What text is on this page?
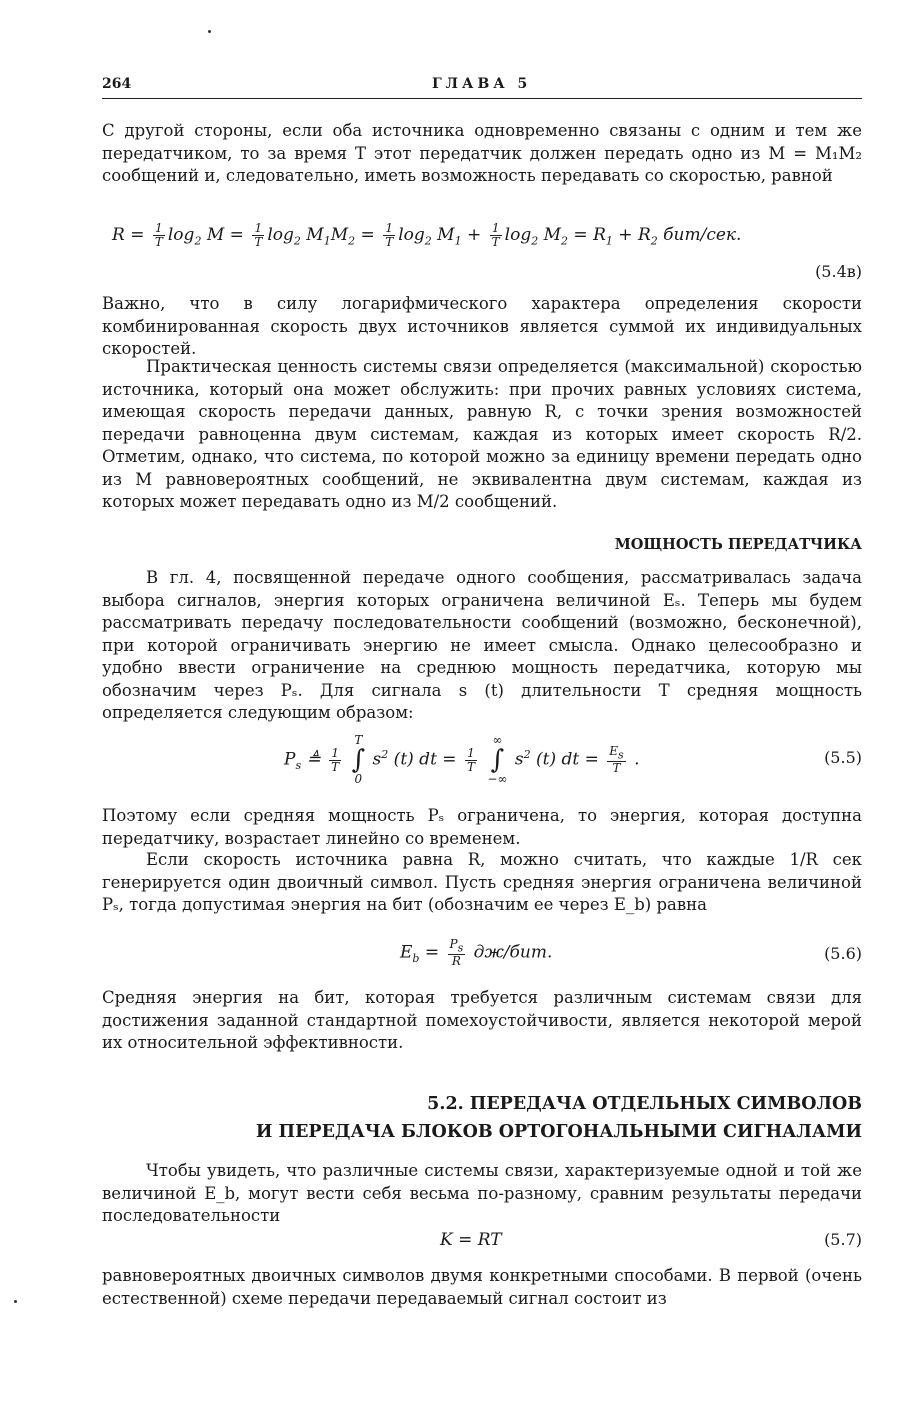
264	ГЛАВА 5
С другой стороны, если оба источника одновременно связаны с одним и тем же передатчиком, то за время T этот передатчик должен передать одно из M = M₁M₂ сообщений и, следовательно, иметь возможность передавать со скоростью, равной
$R = \frac{1}{T} \log_2 M = \frac{1}{T} \log_2 M_1M_2 = \frac{1}{T} \log_2 M_1 + \frac{1}{T} \log_2 M_2 = R_1 + R_2$ бит/сек.
(5.4в)
Важно, что в силу логарифмического характера определения скорости комбинированная скорость двух источников является суммой их индивидуальных скоростей.
Практическая ценность системы связи определяется (максимальной) скоростью источника, который она может обслужить: при прочих равных условиях система, имеющая скорость передачи данных, равную R, с точки зрения возможностей передачи равноценна двум системам, каждая из которых имеет скорость R/2. Отметим, однако, что система, по которой можно за единицу времени передать одно из M равновероятных сообщений, не эквивалентна двум системам, каждая из которых может передавать одно из M/2 сообщений.
МОЩНОСТЬ ПЕРЕДАТЧИКА
В гл. 4, посвященной передаче одного сообщения, рассматривалась задача выбора сигналов, энергия которых ограничена величиной Eₛ. Теперь мы будем рассматривать передачу последовательности сообщений (возможно, бесконечной), при которой ограничивать энергию не имеет смысла. Однако целесообразно и удобно ввести ограничение на среднюю мощность передатчика, которую мы обозначим через Pₛ. Для сигнала s (t) длительности T средняя мощность определяется следующим образом:
$P_s$ ≜ $\frac{1}{T}$
T
∫
0 $s^2$ (t) dt = $\frac{1}{T}$
∞
∫
−∞ $s^2$ (t) dt = $\frac{E_s}{T}$ .	(5.5)
Поэтому если средняя мощность Pₛ ограничена, то энергия, которая доступна передатчику, возрастает линейно со временем.
Если скорость источника равна R, можно считать, что каждые 1/R сек генерируется один двоичный символ. Пусть средняя энергия ограничена величиной Pₛ, тогда допустимая энергия на бит (обозначим ее через E_b) равна
$E_b = \frac{P_s}{R} дж/бит$.	(5.6)
Средняя энергия на бит, которая требуется различным системам связи для достижения заданной стандартной помехоустойчивости, является некоторой мерой их относительной эффективности.
5.2. ПЕРЕДАЧА ОТДЕЛЬНЫХ СИМВОЛОВ
И ПЕРЕДАЧА БЛОКОВ ОРТОГОНАЛЬНЫМИ СИГНАЛАМИ
Чтобы увидеть, что различные системы связи, характеризуемые одной и той же величиной E_b, могут вести себя весьма по-разному, сравним результаты передачи последовательности
K = RT	(5.7)
равновероятных двоичных символов двумя конкретными способами. В первой (очень естественной) схеме передачи передаваемый сигнал состоит из
